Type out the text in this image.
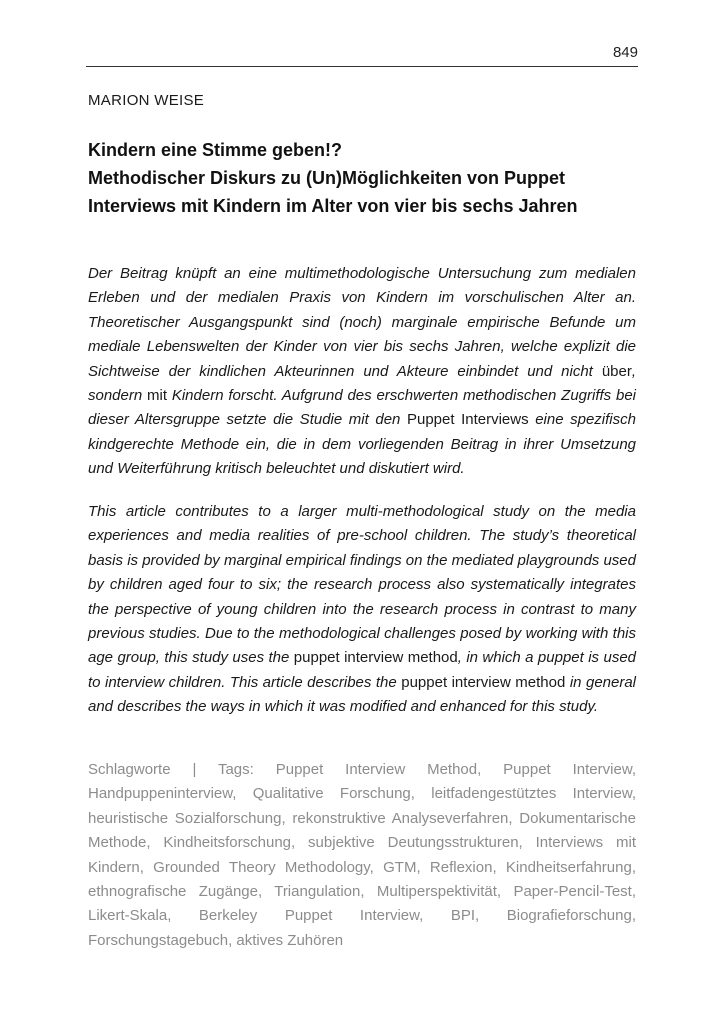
849
MARION WEISE
Kindern eine Stimme geben!?
Methodischer Diskurs zu (Un)Möglichkeiten von Puppet
Interviews mit Kindern im Alter von vier bis sechs Jahren

Der Beitrag knüpft an eine multimethodologische Untersuchung zum medialen Erleben und der medialen Praxis von Kindern im vorschulischen Alter an. Theoretischer Ausgangspunkt sind (noch) marginale empirische Befunde um mediale Lebenswelten der Kinder von vier bis sechs Jahren, welche explizit die Sichtweise der kindlichen Akteurinnen und Akteure einbindet und nicht über, sondern mit Kindern forscht. Aufgrund des erschwerten methodischen Zugriffs bei dieser Altersgruppe setzte die Studie mit den Puppet Interviews eine spezifisch kindgerechte Methode ein, die in dem vorliegenden Beitrag in ihrer Umsetzung und Weiterführung kritisch beleuchtet und diskutiert wird.

This article contributes to a larger multi-methodological study on the media experiences and media realities of pre-school children. The study’s theoretical basis is provided by marginal empirical findings on the mediated playgrounds used by children aged four to six; the research process also systematically integrates the perspective of young children into the research process in contrast to many previous studies. Due to the methodological challenges posed by working with this age group, this study uses the puppet interview method, in which a puppet is used to interview children. This article describes the puppet interview method in general and describes the ways in which it was modified and enhanced for this study.

Schlagworte | Tags: Puppet Interview Method, Puppet Interview, Handpuppeninterview, Qualitative Forschung, leitfadengestütztes Interview, heuristische Sozialforschung, rekonstruktive Analyseverfahren, Dokumentarische Methode, Kindheitsforschung, subjektive Deutungsstrukturen, Interviews mit Kindern, Grounded Theory Methodology, GTM, Reflexion, Kindheitserfahrung, ethnografische Zugänge, Triangulation, Multiperspektivität, Paper-Pencil-Test, Likert-Skala, Berkeley Puppet Interview, BPI, Biografieforschung, Forschungstagebuch, aktives Zuhören
